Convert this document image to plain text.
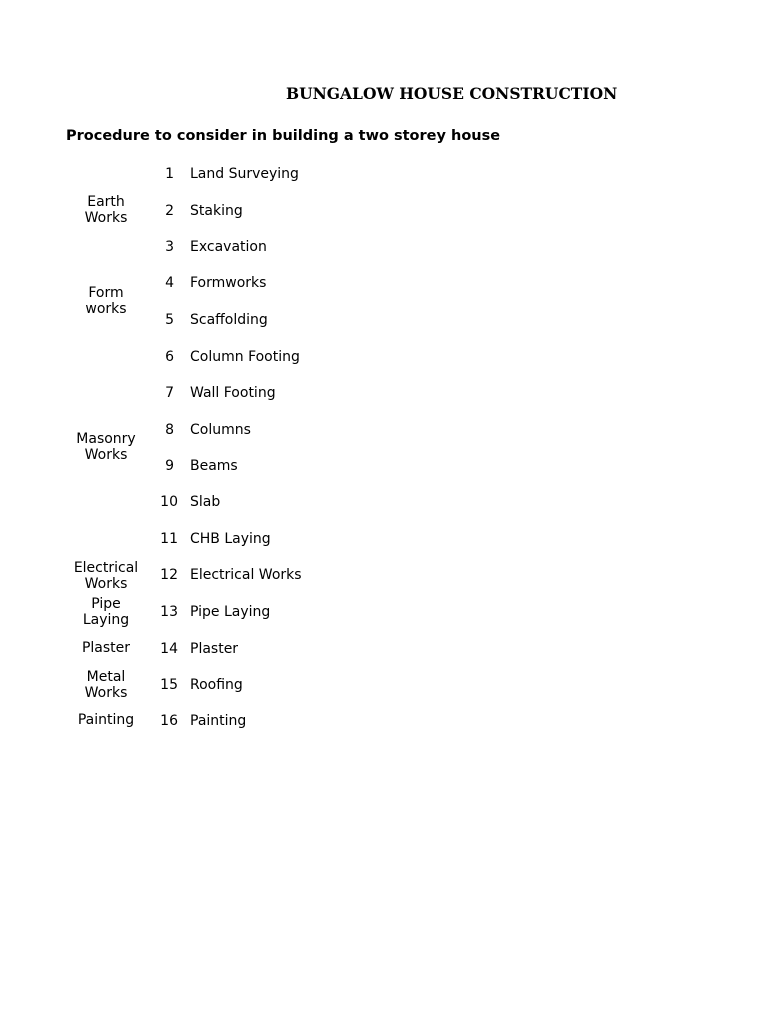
BUNGALOW HOUSE CONSTRUCTION
Procedure to consider in building a two storey house
Earth
Works
Form
works
Masonry
Works
Electrical
Works
Pipe
Laying
Plaster
Metal
Works
Painting
1
2
3
4
5
6
7
8
9
10
11
12
13
14
15
16
Land Surveying
Staking
Excavation
Formworks
Scaffolding
Column Footing
Wall Footing
Columns
Beams
Slab
CHB Laying
Electrical Works
Pipe Laying
Plaster
Roofing
Painting
